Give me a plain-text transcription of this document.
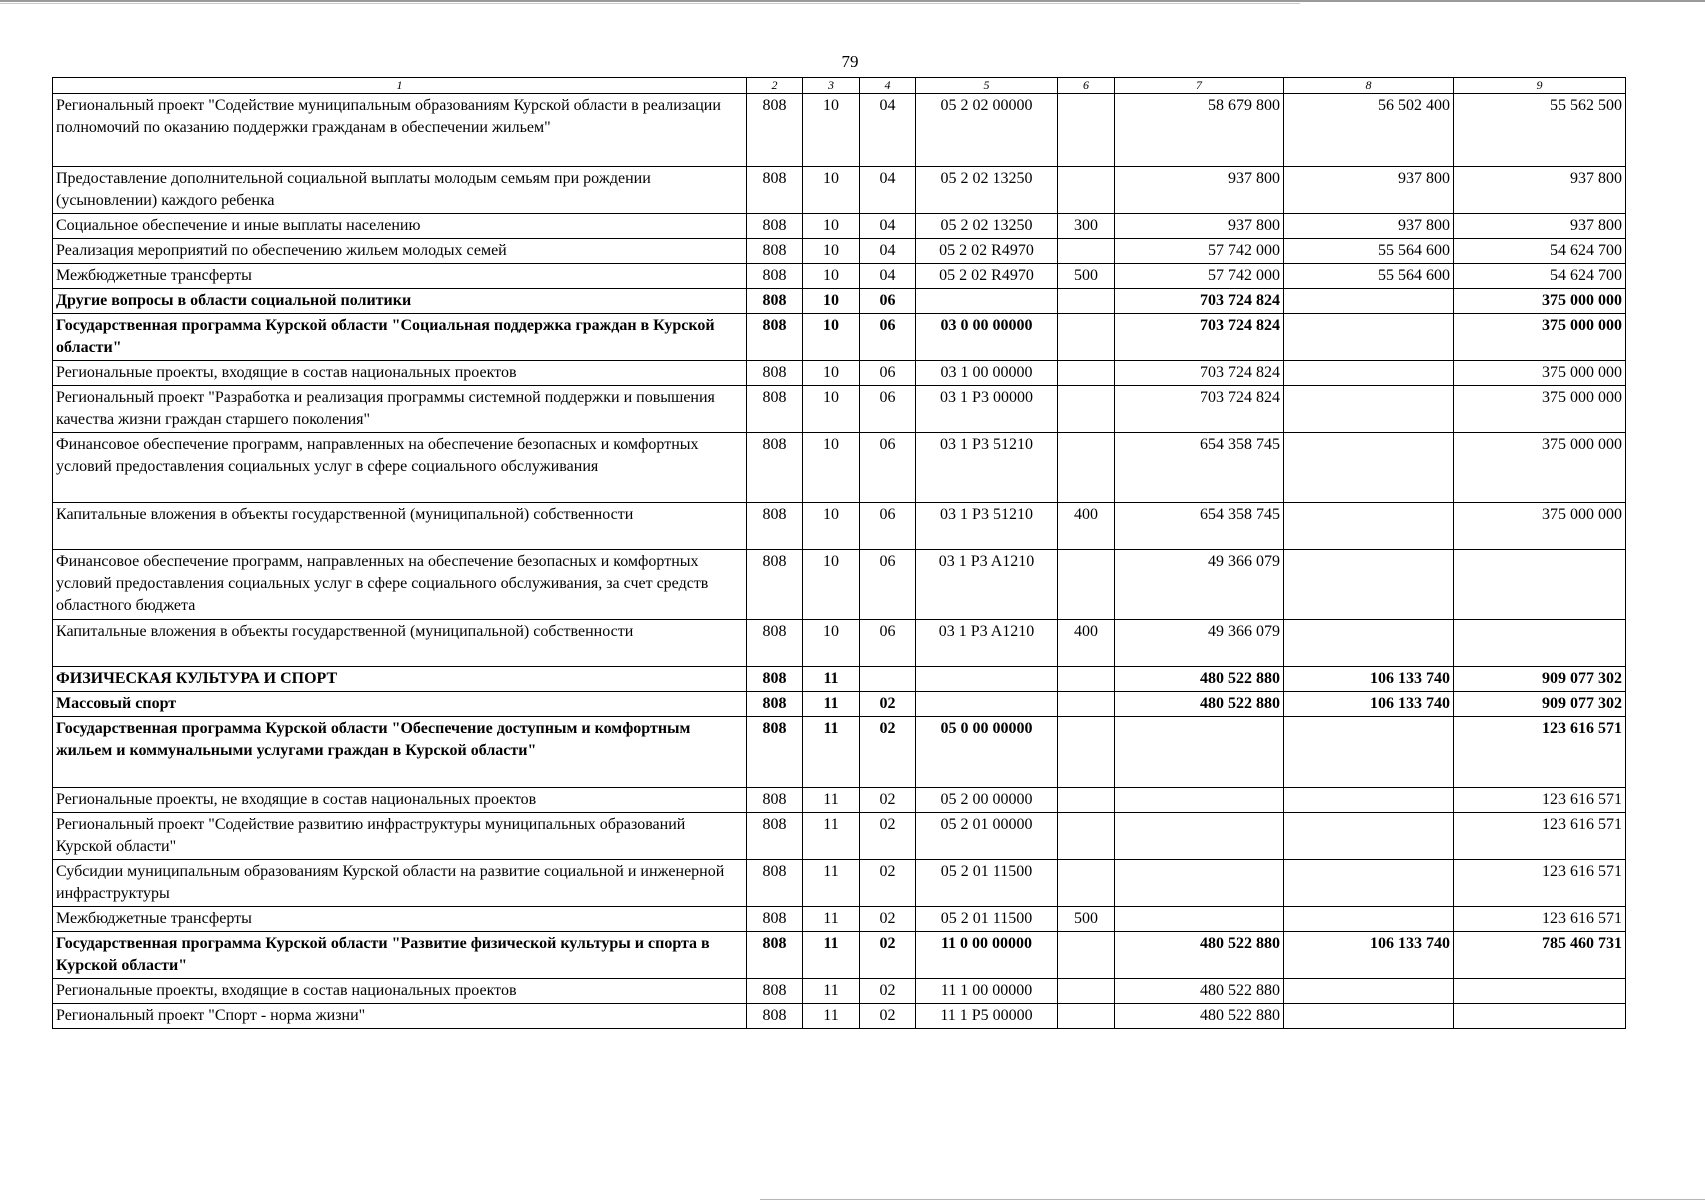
79
1	2	3	4	5	6	7	8	9
Региональный проект "Содействие муниципальным образованиям Курской области в реализации полномочий по оказанию поддержки гражданам в обеспечении жильем"	808	10	04	05 2 02 00000		58 679 800	56 502 400	55 562 500
Предоставление дополнительной социальной выплаты молодым семьям при рождении (усыновлении) каждого ребенка	808	10	04	05 2 02 13250		937 800	937 800	937 800
Социальное обеспечение и иные выплаты населению	808	10	04	05 2 02 13250	300	937 800	937 800	937 800
Реализация мероприятий по обеспечению жильем молодых семей	808	10	04	05 2 02 R4970		57 742 000	55 564 600	54 624 700
Межбюджетные трансферты	808	10	04	05 2 02 R4970	500	57 742 000	55 564 600	54 624 700
Другие вопросы в области социальной политики	808	10	06			703 724 824		375 000 000
Государственная программа Курской области "Социальная поддержка граждан в Курской области"	808	10	06	03 0 00 00000		703 724 824		375 000 000
Региональные проекты, входящие в состав национальных проектов	808	10	06	03 1 00 00000		703 724 824		375 000 000
Региональный проект "Разработка и реализация программы системной поддержки и повышения качества жизни граждан старшего поколения"	808	10	06	03 1 P3 00000		703 724 824		375 000 000
Финансовое обеспечение программ, направленных на обеспечение безопасных и комфортных условий предоставления социальных услуг в сфере социального обслуживания	808	10	06	03 1 P3 51210		654 358 745		375 000 000
Капитальные вложения в объекты государственной (муниципальной) собственности	808	10	06	03 1 P3 51210	400	654 358 745		375 000 000
Финансовое обеспечение программ, направленных на обеспечение безопасных и комфортных условий предоставления социальных услуг в сфере социального обслуживания, за счет средств областного бюджета	808	10	06	03 1 P3 A1210		49 366 079		
Капитальные вложения в объекты государственной (муниципальной) собственности	808	10	06	03 1 P3 A1210	400	49 366 079		
ФИЗИЧЕСКАЯ КУЛЬТУРА И СПОРТ	808	11				480 522 880	106 133 740	909 077 302
Массовый спорт	808	11	02			480 522 880	106 133 740	909 077 302
Государственная программа Курской области "Обеспечение доступным и комфортным жильем и коммунальными услугами граждан в Курской области"	808	11	02	05 0 00 00000				123 616 571
Региональные проекты, не входящие в состав национальных проектов	808	11	02	05 2 00 00000				123 616 571
Региональный проект "Содействие развитию инфраструктуры муниципальных образований Курской области"	808	11	02	05 2 01 00000				123 616 571
Субсидии муниципальным образованиям Курской области на развитие социальной и инженерной инфраструктуры	808	11	02	05 2 01 11500				123 616 571
Межбюджетные трансферты	808	11	02	05 2 01 11500	500			123 616 571
Государственная программа Курской области "Развитие физической культуры и спорта в Курской области"	808	11	02	11 0 00 00000		480 522 880	106 133 740	785 460 731
Региональные проекты, входящие в состав национальных проектов	808	11	02	11 1 00 00000		480 522 880		
Региональный проект "Спорт - норма жизни"	808	11	02	11 1 P5 00000		480 522 880		
